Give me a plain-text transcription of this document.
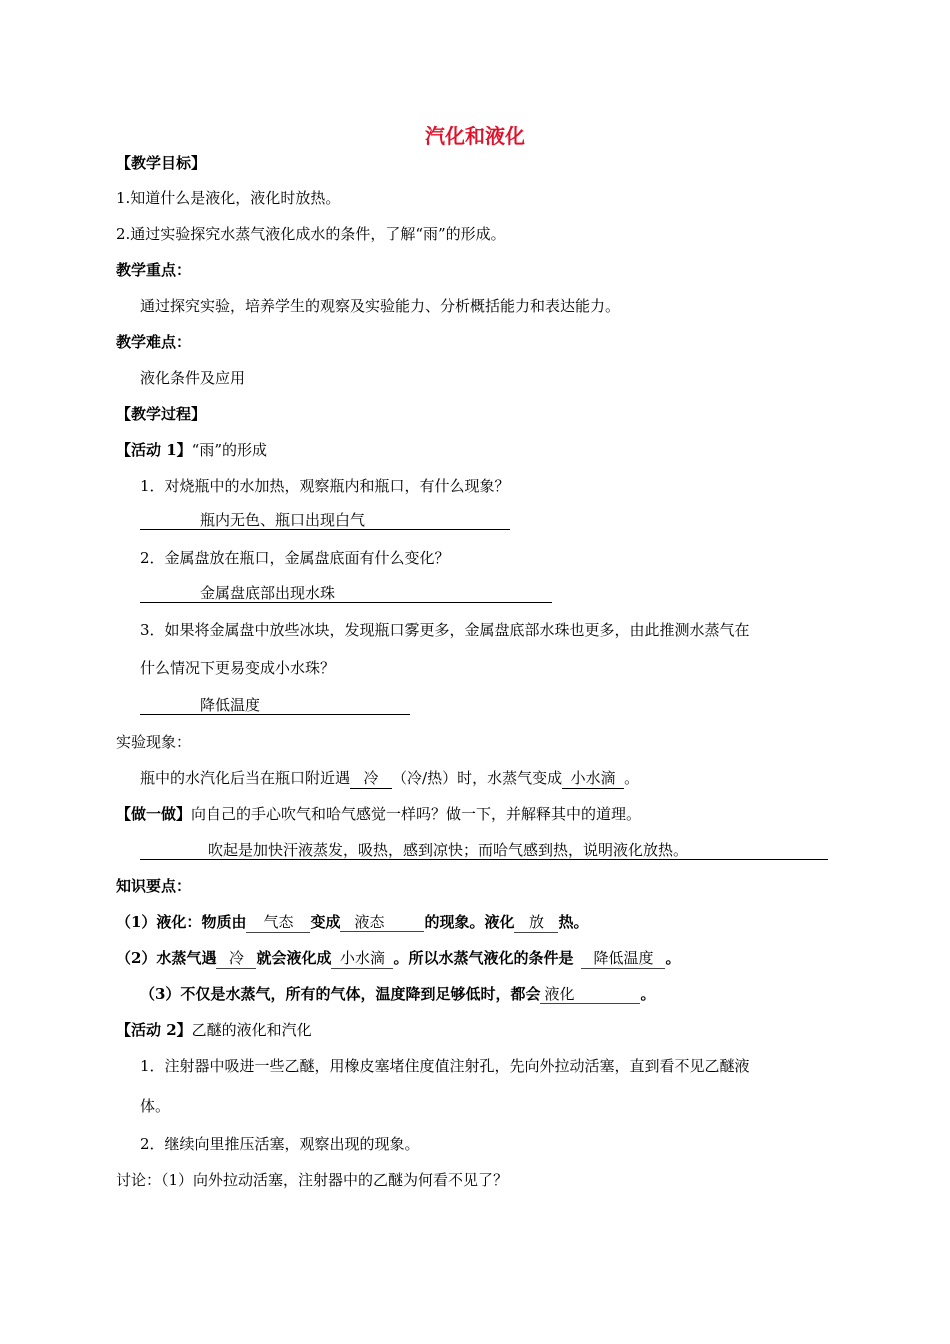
汽化和液化
【教学目标】
1.知道什么是液化，液化时放热。
2.通过实验探究水蒸气液化成水的条件，了解“雨”的形成。
教学重点：
通过探究实验，培养学生的观察及实验能力、分析概括能力和表达能力。
教学难点：
液化条件及应用
【教学过程】
【活动 1】“雨”的形成
1．对烧瓶中的水加热，观察瓶内和瓶口，有什么现象？
瓶内无色、瓶口出现白气
2．金属盘放在瓶口，金属盘底面有什么变化？
金属盘底部出现水珠
3．如果将金属盘中放些冰块，发现瓶口雾更多，金属盘底部水珠也更多，由此推测水蒸气在
什么情况下更易变成小水珠？
降低温度
实验现象：
瓶中的水汽化后当在瓶口附近遇 冷 （冷/热）时，水蒸气变成 小水滴 。
【做一做】向自己的手心吹气和哈气感觉一样吗？做一下，并解释其中的道理。
吹起是加快汗液蒸发，吸热，感到凉快；而哈气感到热，说明液化放热。
知识要点：
（1）液化：物质由 气态 变成 液态	的现象。液化 放 热。
（2）水蒸气遇 冷 就会液化成 小水滴 。所以水蒸气液化的条件是 降低温度 。
（3）不仅是水蒸气，所有的气体，温度降到足够低时，都会 液化	。
【活动 2】乙醚的液化和汽化
1．注射器中吸进一些乙醚，用橡皮塞堵住度值注射孔，先向外拉动活塞，直到看不见乙醚液
体。
2．继续向里推压活塞，观察出现的现象。
讨论：（1）向外拉动活塞，注射器中的乙醚为何看不见了？
